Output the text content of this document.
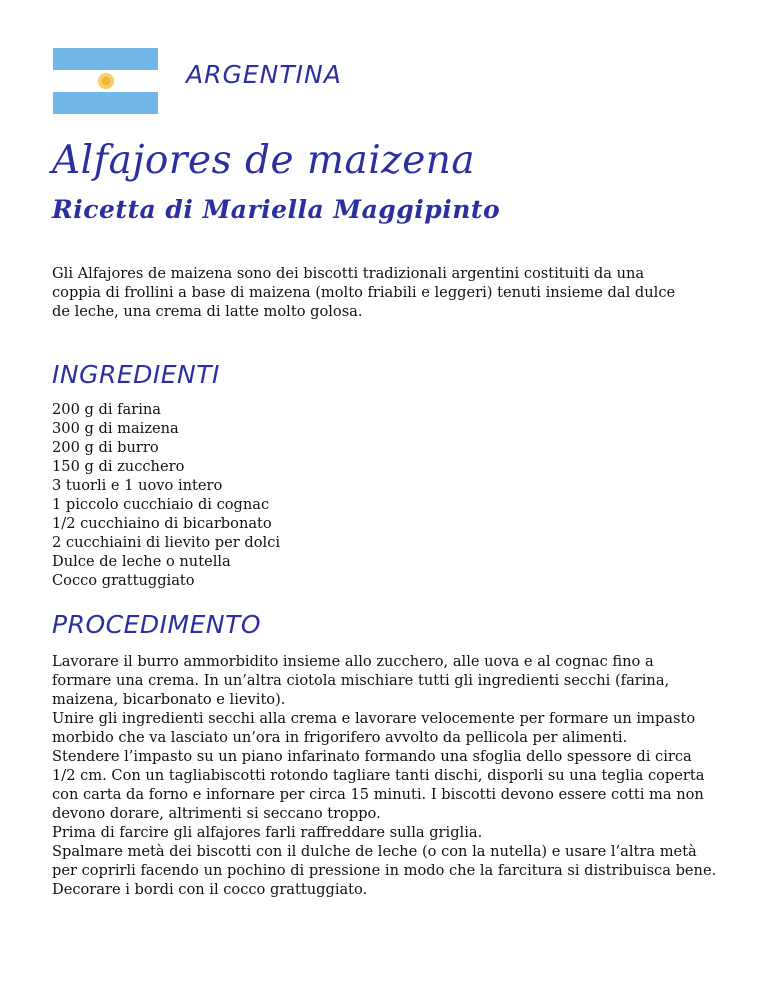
ARGENTINA
Alfajores de maizena
Ricetta di Mariella Maggipinto
Gli Alfajores de maizena sono dei biscotti tradizionali argentini costituiti da una coppia di frollini a base di maizena (molto friabili e leggeri) tenuti insieme dal dulce de leche, una crema di latte molto golosa.
INGREDIENTI
200 g di farina
300 g di maizena
200 g di burro
150 g di zucchero
3 tuorli e 1 uovo intero
1 piccolo cucchiaio di cognac
1/2 cucchiaino di bicarbonato
2 cucchiaini di lievito per dolci
Dulce de leche o nutella
Cocco grattuggiato
PROCEDIMENTO

Lavorare il burro ammorbidito insieme allo zucchero, alle uova e al cognac fino a formare una crema. In un’altra ciotola mischiare tutti gli ingredienti secchi (farina, maizena, bicarbonato e lievito).

Unire gli ingredienti secchi alla crema e lavorare velocemente per formare un impasto morbido che va lasciato un’ora in frigorifero avvolto da pellicola per alimenti.

Stendere l’impasto su un piano infarinato formando una sfoglia dello spessore di circa 1/2 cm. Con un tagliabiscotti rotondo tagliare tanti dischi, disporli su una teglia coperta con carta da forno e infornare per circa 15 minuti. I biscotti devono essere cotti ma non devono dorare, altrimenti si seccano troppo.

Prima di farcire gli alfajores farli raffreddare sulla griglia.

Spalmare metà dei biscotti con il dulche de leche (o con la nutella) e usare l’altra metà per coprirli facendo un pochino di pressione in modo che la farcitura si distribuisca bene.

Decorare i bordi con il cocco grattuggiato.
